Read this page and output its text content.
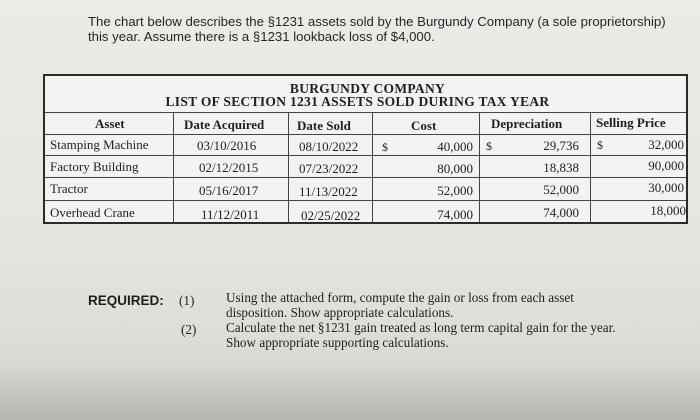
The chart below describes the §1231 assets sold by the Burgundy Company (a sole proprietorship)
this year. Assume there is a §1231 lookback loss of $4,000.
BURGUNDY COMPANY
LIST OF SECTION 1231 ASSETS SOLD DURING TAX YEAR
Asset	Date Acquired	Date Sold	Cost	Depreciation	Selling Price
Stamping Machine	03/10/2016	08/10/2022 $	40,000 $	29,736 $	32,000
Factory Building	02/12/2015	07/23/2022	80,000	18,838	90,000
Tractor	05/16/2017	11/13/2022	52,000	52,000	30,000
Overhead Crane	11/12/2011	02/25/2022	74,000	74,000	18,000
REQUIRED: (1) Using the attached form, compute the gain or loss from each asset
disposition. Show appropriate calculations.
(2) Calculate the net §1231 gain treated as long term capital gain for the year.
Show appropriate supporting calculations.
